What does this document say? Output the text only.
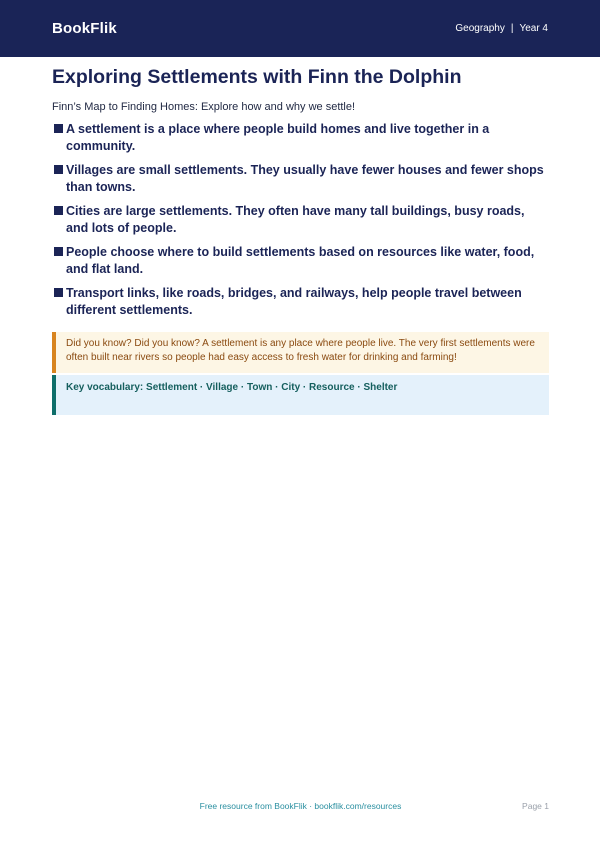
BookFlik	Geography | Year 4
Exploring Settlements with Finn the Dolphin

Finn’s Map to Finding Homes: Explore how and why we settle!

A settlement is a place where people build homes and live together in a community.
Villages are small settlements. They usually have fewer houses and fewer shops than towns.
Cities are large settlements. They often have many tall buildings, busy roads, and lots of people.
People choose where to build settlements based on resources like water, food, and flat land.
Transport links, like roads, bridges, and railways, help people travel between different settlements.
Did you know? Did you know? A settlement is any place where people live. The very first settlements were often built near rivers so people had easy access to fresh water for drinking and farming!
Key vocabulary: Settlement · Village · Town · City · Resource · Shelter
Free resource from BookFlik · bookflik.com/resources	Page 1
